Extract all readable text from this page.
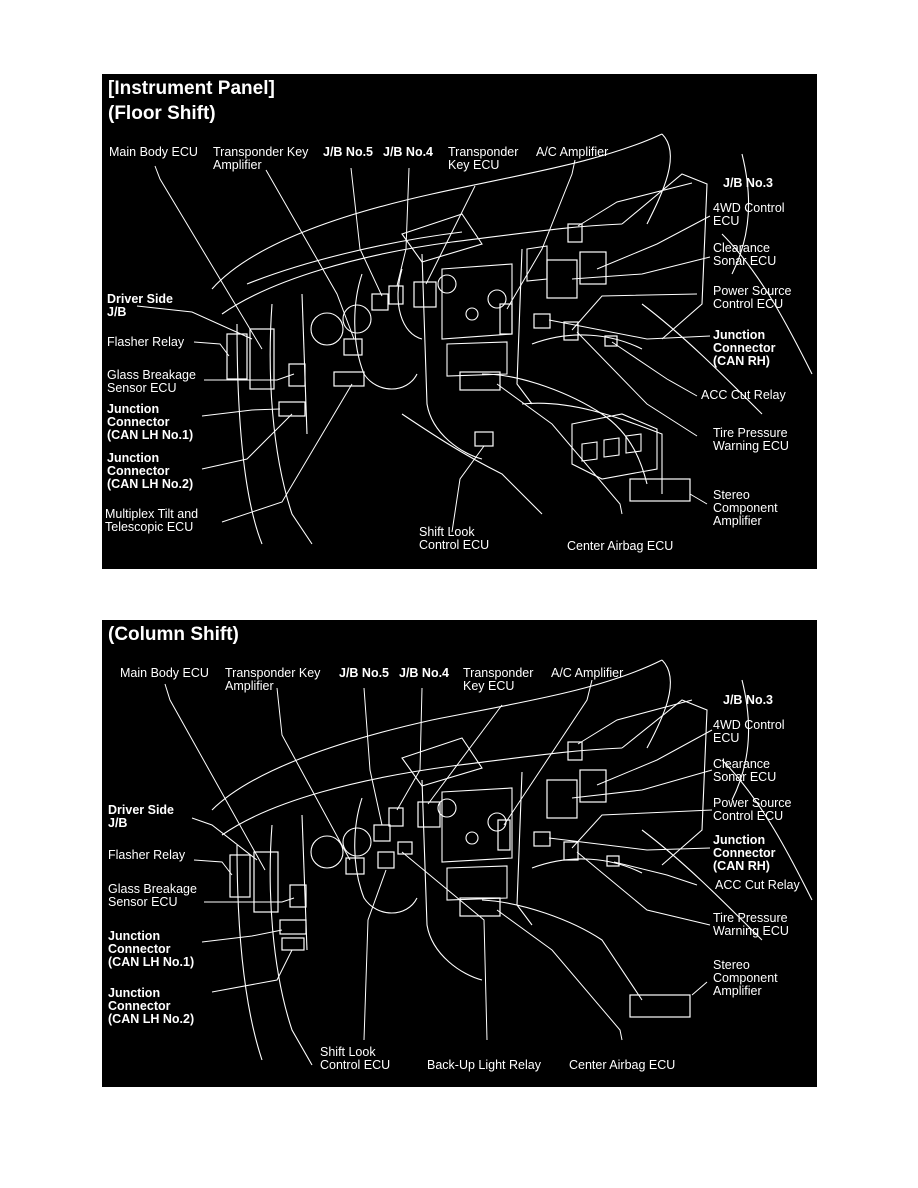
[Instrument Panel]
(Floor Shift)
Main Body ECU Transponder Key
Amplifier
J/B No.5 J/B No.4 Transponder
Key ECU
A/C Amplifier
J/B No.3
4WD Control
ECU
Clearance
Sonar ECU
Power Source
Control ECU
Junction
Connector
(CAN RH)
ACC Cut Relay
Tire Pressure
Warning ECU
Stereo
Component
Amplifier
Center Airbag ECU
Shift Look
Control ECU
Multiplex Tilt and
Telescopic ECU
Junction
Connector
(CAN LH No.2)
Junction
Connector
(CAN LH No.1)
Glass Breakage
Sensor ECU
Flasher Relay
Driver Side
J/B
(Column Shift)
Main Body ECU Transponder Key
Amplifier
J/B No.5 J/B No.4 Transponder
Key ECU
A/C Amplifier
J/B No.3
4WD Control
ECU
Clearance
Sonar ECU
Power Source
Control ECU
Junction
Connector
(CAN RH)
ACC Cut Relay
Tire Pressure
Warning ECU
Stereo
Component
Amplifier
Center Airbag ECU
Back-Up Light Relay
Shift Look
Control ECU
Junction
Connector
(CAN LH No.2)
Junction
Connector
(CAN LH No.1)
Glass Breakage
Sensor ECU
Flasher Relay
Driver Side
J/B
